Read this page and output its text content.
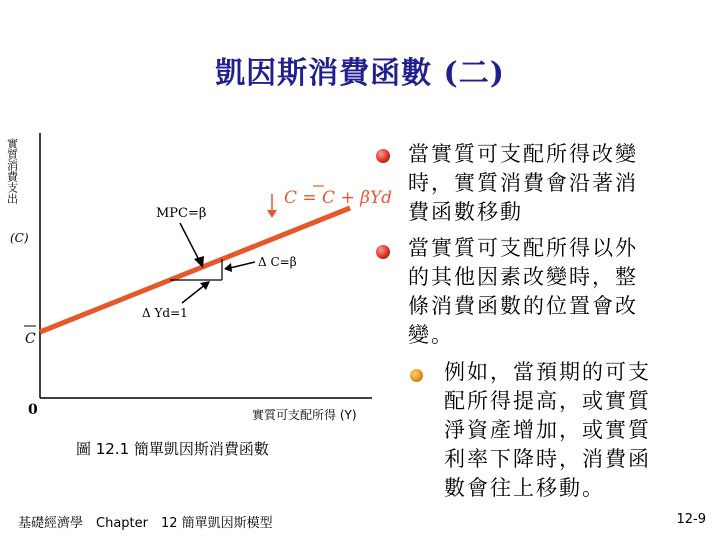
凱因斯消費函數 (二)
實質消費支出
(C)
C
0
MPC=β
C = C + βYd
Δ C=β
Δ Yd=1
實質可支配所得 (Y)
圖 12.1 簡單凱因斯消費函數
當實質可支配所得改變
時，實質消費會沿著消
費函數移動
當實質可支配所得以外
的其他因素改變時，整
條消費函數的位置會改
變。
例如，當預期的可支
配所得提高，或實質
淨資產增加，或實質
利率下降時，消費函
數會往上移動。
基礎經濟學　Chapter　12 簡單凱因斯模型	12-9
